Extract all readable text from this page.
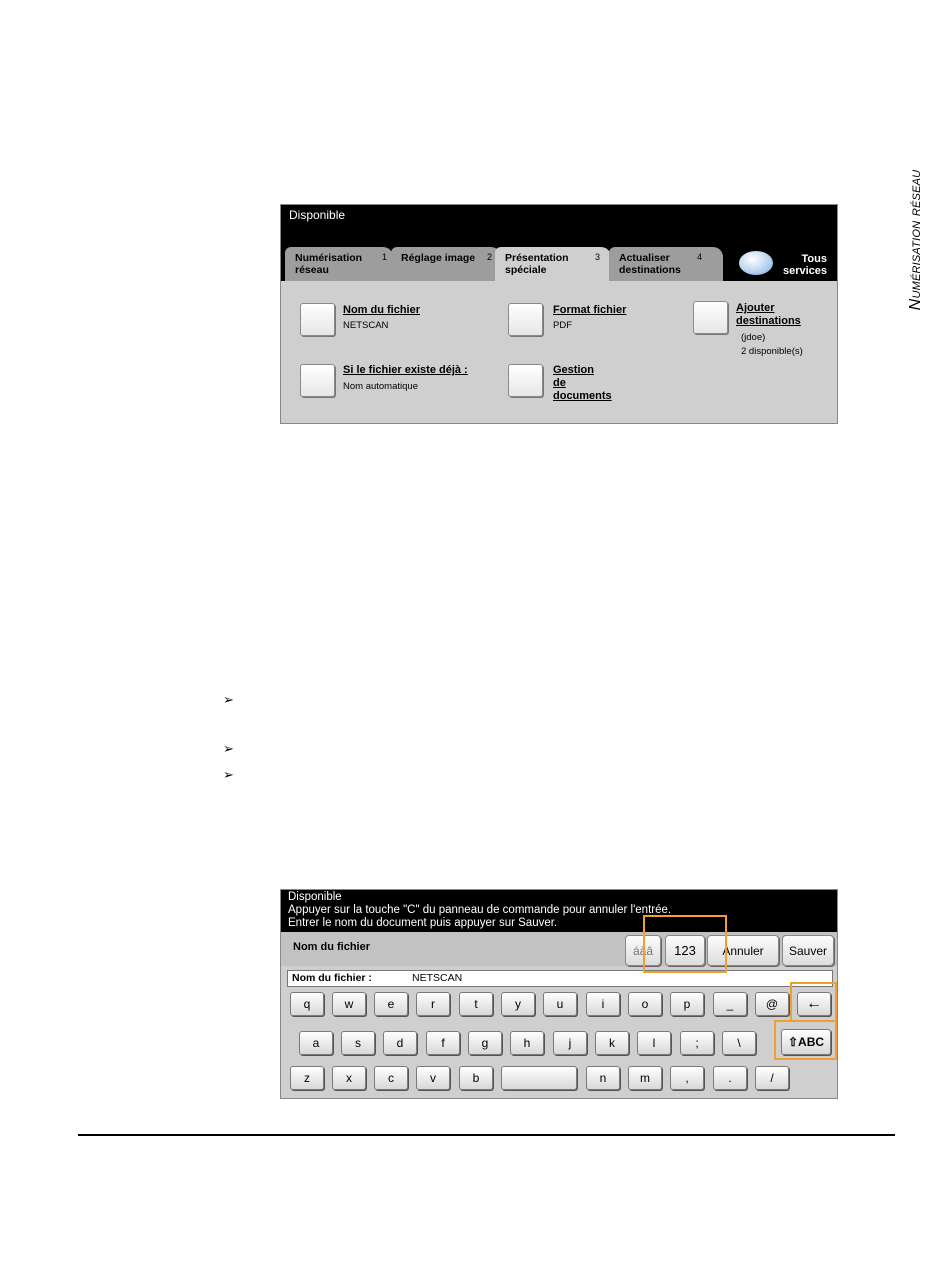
Numérisation réseau
Disponible
Numérisation
réseau
1 Réglage image	2 Présentation
spéciale
3 Actualiser
destinations
4	Tous
services
Nom du fichier
NETSCAN
Format fichier
PDF
Ajouter
destinations
(jdoe)
2 disponible(s)
Si le fichier existe déjà :
Nom automatique
Gestion
de
documents
➢
➢
➢
Disponible
Appuyer sur la touche "C" du panneau de commande pour annuler l'entrée.
Entrer le nom du document puis appuyer sur Sauver.
Nom du fichier	áàâ	123	Annuler	Sauver
Nom du fichier :	NETSCAN
q	w	e	r	t	y	u	i	o	p	_	@	←
a	s	d	f	g	h	j	k	l	;	\	⇧ABC
z	x	c	v	b	n	m	,	.	/
